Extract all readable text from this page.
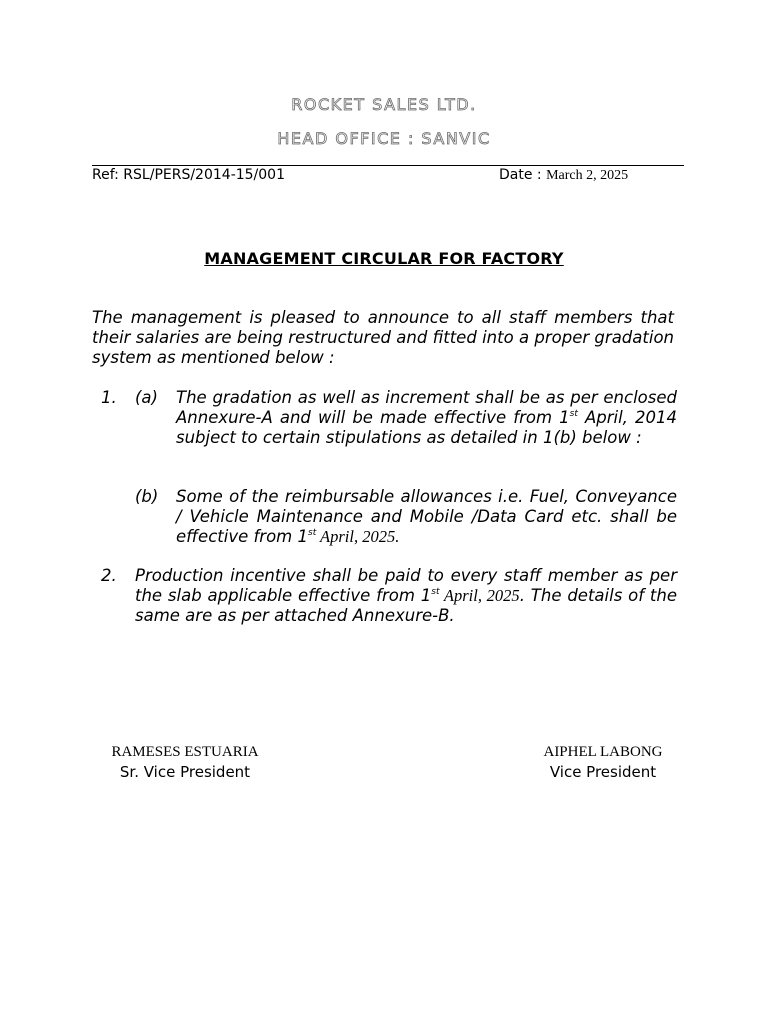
ROCKET SALES LTD.
HEAD OFFICE : SANVIC
Ref: RSL/PERS/2014-15/001	Date : March 2, 2025
MANAGEMENT CIRCULAR FOR FACTORY
The management is pleased to announce to all staff members that their salaries are being restructured and fitted into a proper gradation system as mentioned below :
1. (a) The gradation as well as increment shall be as per enclosed Annexure-A and will be made effective from 1st April, 2014 subject to certain stipulations as detailed in 1(b) below :
(b) Some of the reimbursable allowances i.e. Fuel, Conveyance / Vehicle Maintenance and Mobile /Data Card etc. shall be effective from 1st April, 2025.
2. Production incentive shall be paid to every staff member as per the slab applicable effective from 1st April, 2025. The details of the same are as per attached Annexure-B.
RAMESES ESTUARIA
Sr. Vice President
AIPHEL LABONG
Vice President
